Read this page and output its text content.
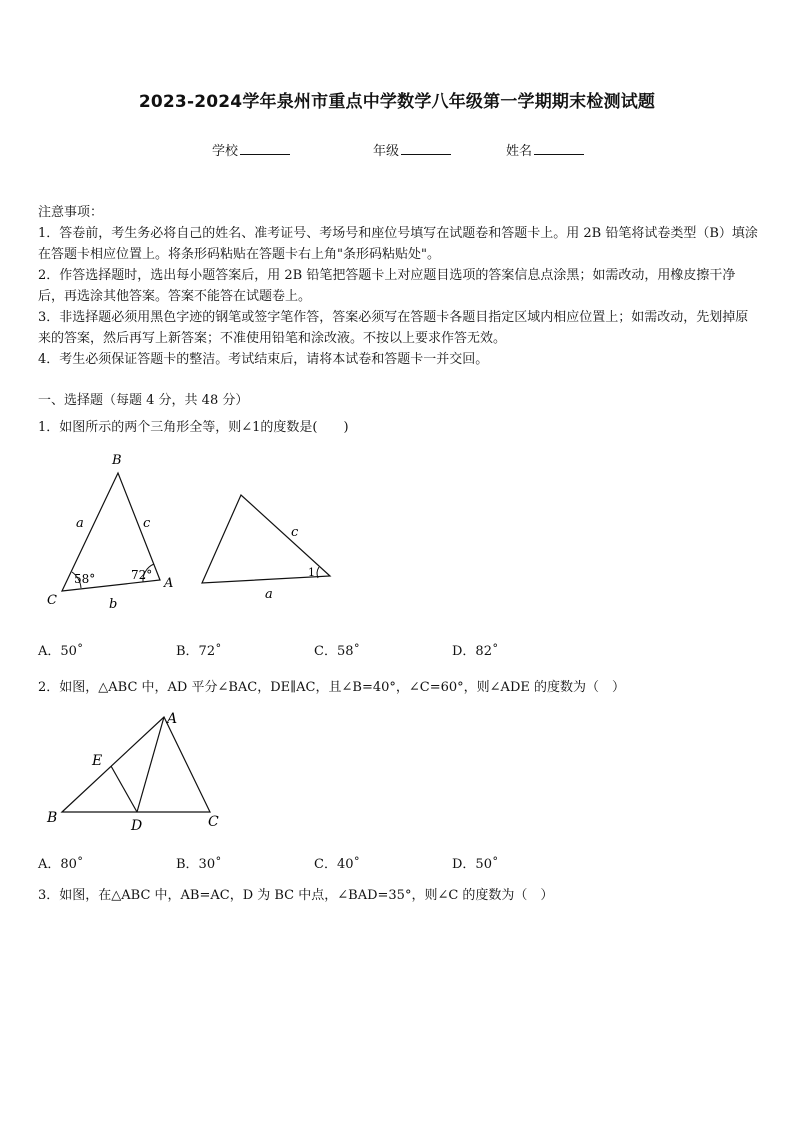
2023-2024学年泉州市重点中学数学八年级第一学期期末检测试题
学校	年级	姓名

注意事项：

1．答卷前，考生务必将自己的姓名、准考证号、考场号和座位号填写在试题卷和答题卡上。用 2B 铅笔将试卷类型（B）填涂在答题卡相应位置上。将条形码粘贴在答题卡右上角"条形码粘贴处"。

2．作答选择题时，选出每小题答案后，用 2B 铅笔把答题卡上对应题目选项的答案信息点涂黑；如需改动，用橡皮擦干净后，再选涂其他答案。答案不能答在试题卷上。

3．非选择题必须用黑色字迹的钢笔或签字笔作答，答案必须写在答题卡各题目指定区域内相应位置上；如需改动，先划掉原来的答案，然后再写上新答案；不准使用铅笔和涂改液。不按以上要求作答无效。

4．考生必须保证答题卡的整洁。考试结束后，请将本试卷和答题卡一并交回。

一、选择题（每题 4 分，共 48 分）
1．如图所示的两个三角形全等，则∠1的度数是(　　)
B
C
A
a	c
b
58°	72°
c
a
1
A．50˚	B．72˚	C．58˚	D．82˚
2．如图，△ABC 中，AD 平分∠BAC，DE∥AC，且∠B=40°，∠C=60°，则∠ADE 的度数为（　）
A
E
B	D	C
A．80˚	B．30˚	C．40˚	D．50˚
3．如图，在△ABC 中，AB=AC，D 为 BC 中点，∠BAD=35°，则∠C 的度数为（　）
